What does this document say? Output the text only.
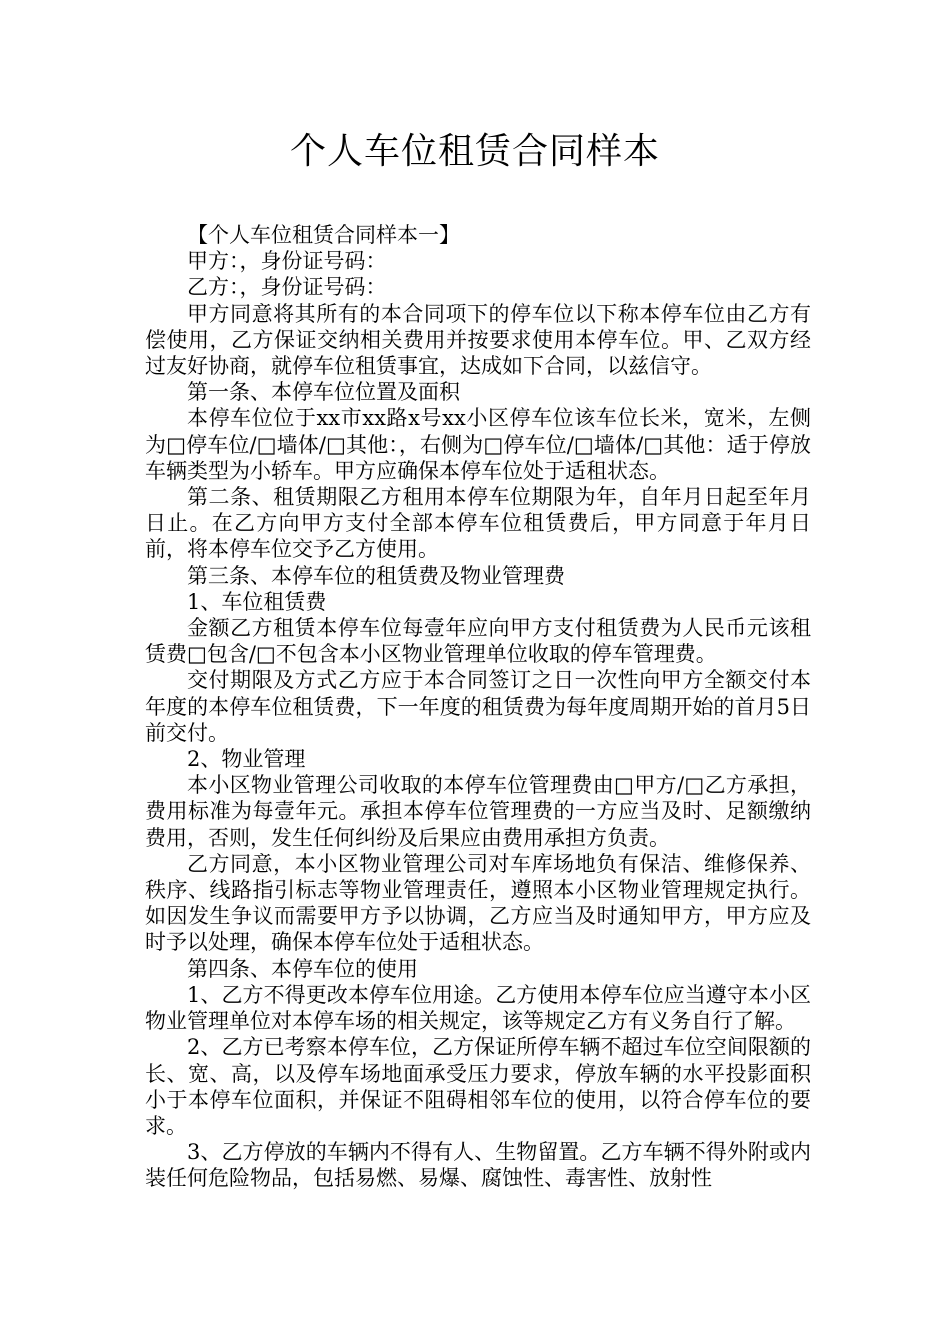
个人车位租赁合同样本

【个人车位租赁合同样本一】

甲方：，身份证号码：

乙方：，身份证号码：

甲方同意将其所有的本合同项下的停车位以下称本停车位由乙方有偿使用，乙方保证交纳相关费用并按要求使用本停车位。甲、乙双方经过友好协商，就停车位租赁事宜，达成如下合同，以兹信守。

第一条、本停车位位置及面积

本停车位位于xx市xx路x号xx小区停车位该车位长米，宽米，左侧为□停车位/□墙体/□其他：，右侧为□停车位/□墙体/□其他：适于停放车辆类型为小轿车。甲方应确保本停车位处于适租状态。

第二条、租赁期限乙方租用本停车位期限为年，自年月日起至年月日止。在乙方向甲方支付全部本停车位租赁费后，甲方同意于年月日前，将本停车位交予乙方使用。

第三条、本停车位的租赁费及物业管理费

1、车位租赁费

金额乙方租赁本停车位每壹年应向甲方支付租赁费为人民币元该租赁费□包含/□不包含本小区物业管理单位收取的停车管理费。

交付期限及方式乙方应于本合同签订之日一次性向甲方全额交付本年度的本停车位租赁费，下一年度的租赁费为每年度周期开始的首月5日前交付。

2、物业管理

本小区物业管理公司收取的本停车位管理费由□甲方/□乙方承担，费用标准为每壹年元。承担本停车位管理费的一方应当及时、足额缴纳费用，否则，发生任何纠纷及后果应由费用承担方负责。

乙方同意，本小区物业管理公司对车库场地负有保洁、维修保养、秩序、线路指引标志等物业管理责任，遵照本小区物业管理规定执行。如因发生争议而需要甲方予以协调，乙方应当及时通知甲方，甲方应及时予以处理，确保本停车位处于适租状态。

第四条、本停车位的使用

1、乙方不得更改本停车位用途。乙方使用本停车位应当遵守本小区物业管理单位对本停车场的相关规定，该等规定乙方有义务自行了解。

2、乙方已考察本停车位，乙方保证所停车辆不超过车位空间限额的长、宽、高，以及停车场地面承受压力要求，停放车辆的水平投影面积小于本停车位面积，并保证不阻碍相邻车位的使用，以符合停车位的要求。

3、乙方停放的车辆内不得有人、生物留置。乙方车辆不得外附或内装任何危险物品，包括易燃、易爆、腐蚀性、毒害性、放射性
